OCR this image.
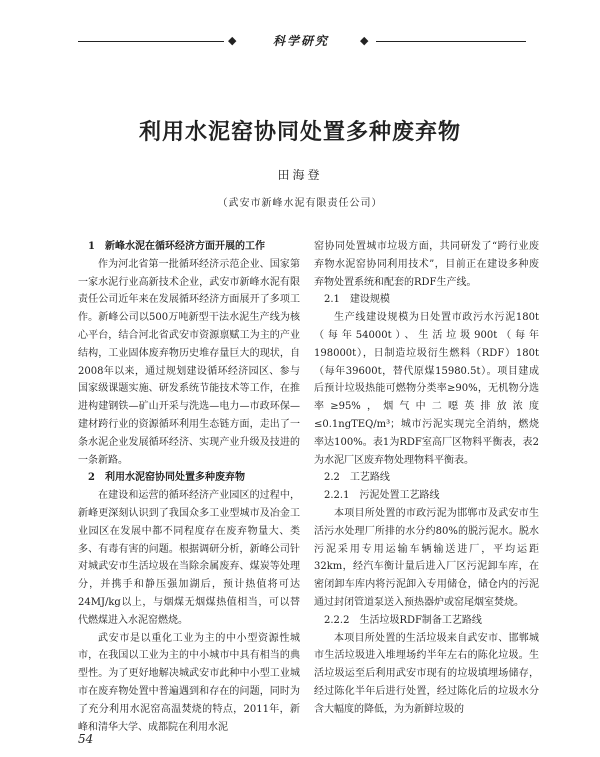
◆	科学研究	◆
利用水泥窑协同处置多种废弃物
田海登
（武安市新峰水泥有限责任公司）
1　新峰水泥在循环经济方面开展的工作

作为河北省第一批循环经济示范企业、国家第一家水泥行业高新技术企业，武安市新峰水泥有限责任公司近年来在发展循环经济方面展开了多项工作。新峰公司以500万吨新型干法水泥生产线为核心平台，结合河北省武安市资源禀赋工为主的产业结构，工业固体废弃物历史堆存量巨大的现状，自2008年以来，通过规划建设循环经济园区、参与国家级课题实施、研发系统节能技术等工作，在推进构建钢铁—矿山开采与洗选—电力—市政环保—建材跨行业的资源循环利用生态链方面，走出了一条水泥企业发展循环经济、实现产业升级及技进的一条新路。

2　利用水泥窑协同处置多种废弃物

在建设和运营的循环经济产业园区的过程中，新峰更深刻认识到了我国众多工业型城市及冶金工业园区在发展中都不同程度存在废弃物量大、类多、有毒有害的问题。根据调研分析，新峰公司针对城武安市生活垃圾在当除余属废弃、煤炭等处理分，并携手和静压强加湖后，预计热值将可达24MJ/kg以上，与烟煤无烟煤热值相当，可以替代燃煤进入水泥窑燃烧。

武安市是以重化工业为主的中小型资源性城市，在我国以工业为主的中小城市中具有相当的典型性。为了更好地解决城武安市此种中小型工业城市在废弃物处置中普遍遇到和存在的问题，同时为了充分利用水泥窑高温焚烧的特点，2011年，新峰和清华大学、成都院在利用水泥

窑协同处置城市垃圾方面，共同研发了“跨行业废弃物水泥窑协同利用技术”，目前正在建设多种废弃物处置系统和配套的RDF生产线。

2.1　建设规模

生产线建设规模为日处置市政污水污泥180t（每年54000t）、生活垃圾900t（每年198000t），日制造垃圾衍生燃料（RDF）180t（每年39600t，替代原煤15980.5t）。项目建成后预计垃圾热能可燃物分类率≥90%，无机物分选率≥95%，烟气中二噁英排放浓度≤0.1ngTEQ/m³；城市污泥实现完全消纳，燃烧率达100%。表1为RDF室高厂区物料平衡表，表2为水泥厂区废弃物处理物料平衡表。

2.2　工艺路线
2.2.1　污泥处置工艺路线

本项目所处置的市政污泥为邯郸市及武安市生活污水处理厂所排的水分约80%的脱污泥水。脱水污泥采用专用运输车辆输送进厂，平均运距32km，经汽车衡计量后进入厂区污泥卸车库，在密闭卸车库内将污泥卸入专用储仓，储仓内的污泥通过封闭管道泵送入预热器炉或窑尾烟室焚烧。

2.2.2　生活垃圾RDF制备工艺路线

本项目所处置的生活垃圾来自武安市、邯郸城市生活垃圾进入堆埋场约半年左右的陈化垃圾。生活垃圾运至后利用武安市现有的垃圾填埋场储存，经过陈化半年后进行处置，经过陈化后的垃圾水分含大幅度的降低，为为新鲜垃圾的

54
